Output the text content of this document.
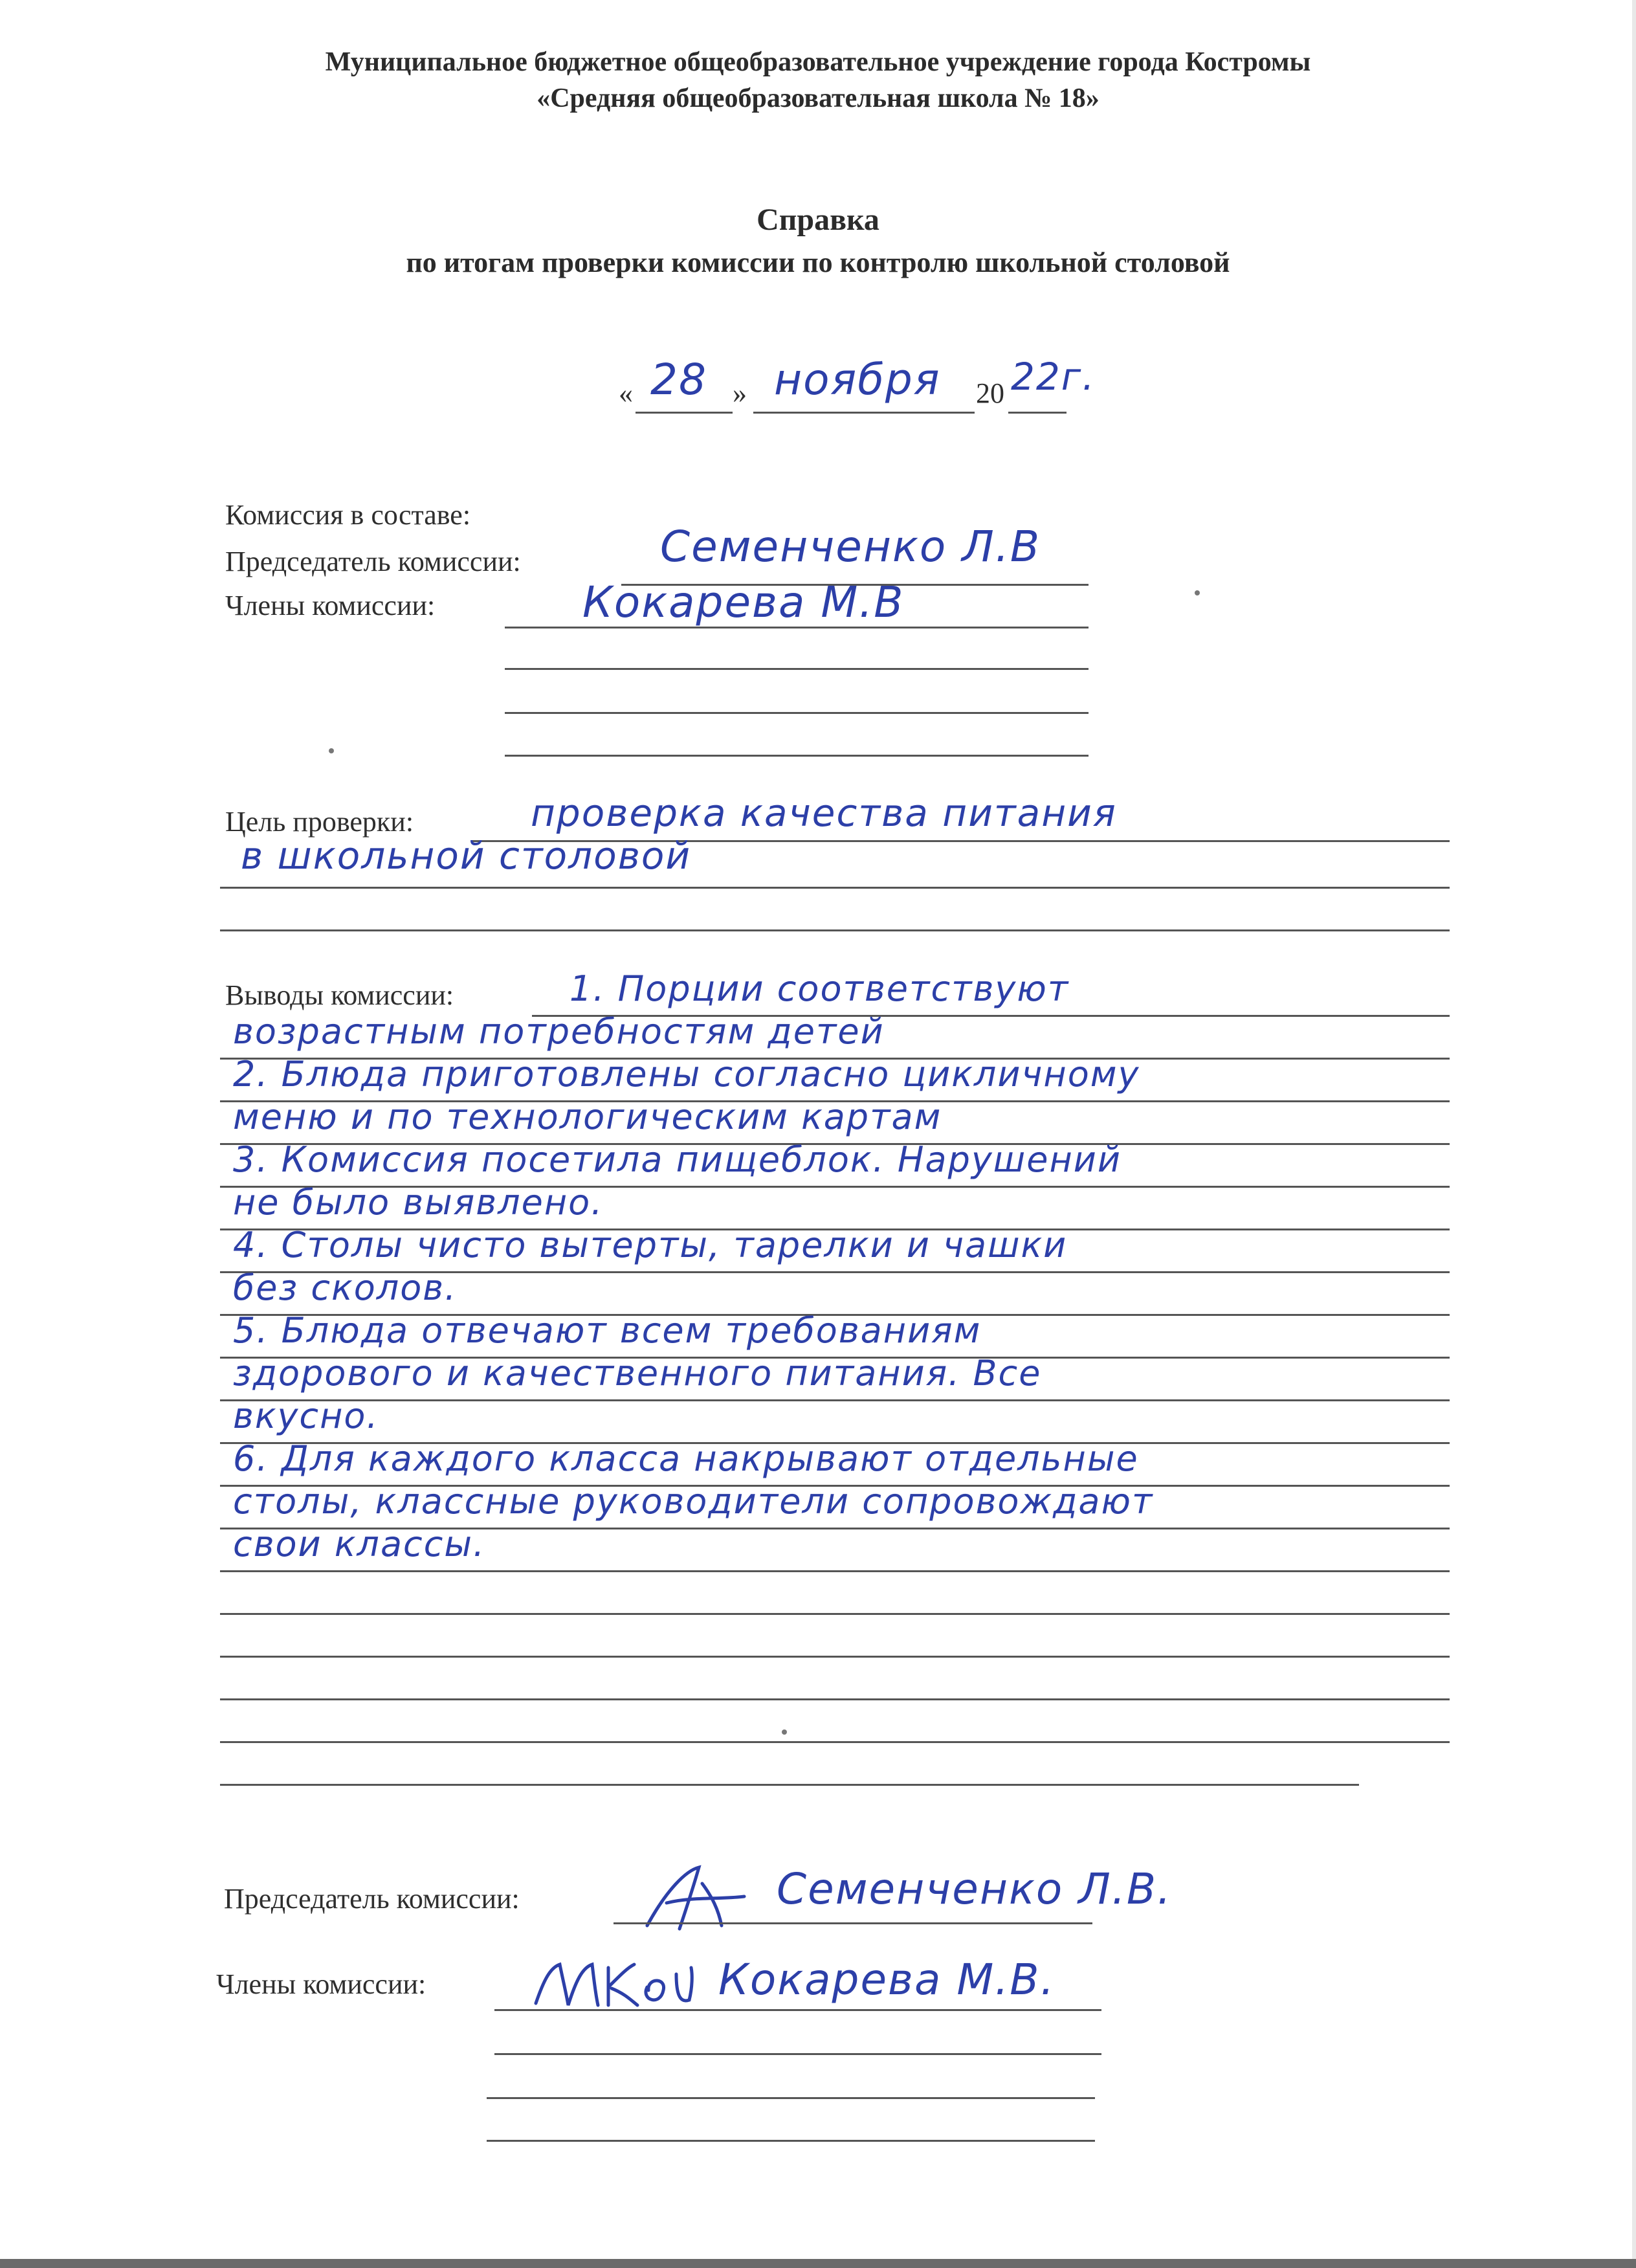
Муниципальное бюджетное общеобразовательное учреждение города Костромы
«Средняя общеобразовательная школа № 18»
Справка
по итогам проверки комиссии по контролю школьной столовой
« 28 » ноября 20 22г.
Комиссия в составе:
Председатель комиссии:	Семенченко Л.В
Члены комиссии:	Кокарева М.В
Цель проверки:	проверка качества питания
в школьной столовой
Выводы комиссии:	1. Порции соответствуют
возрастным потребностям детей
2. Блюда приготовлены согласно цикличному
меню и по технологическим картам
3. Комиссия посетила пищеблок. Нарушений
не было выявлено.
4. Столы чисто вытерты, тарелки и чашки
без сколов.
5. Блюда отвечают всем требованиям
здорового и качественного питания. Все
вкусно.
6. Для каждого класса накрывают отдельные
столы, классные руководители сопровождают
свои классы.
Председатель комиссии:	Семенченко Л.В.
Члены комиссии:	Кокарева М.В.
